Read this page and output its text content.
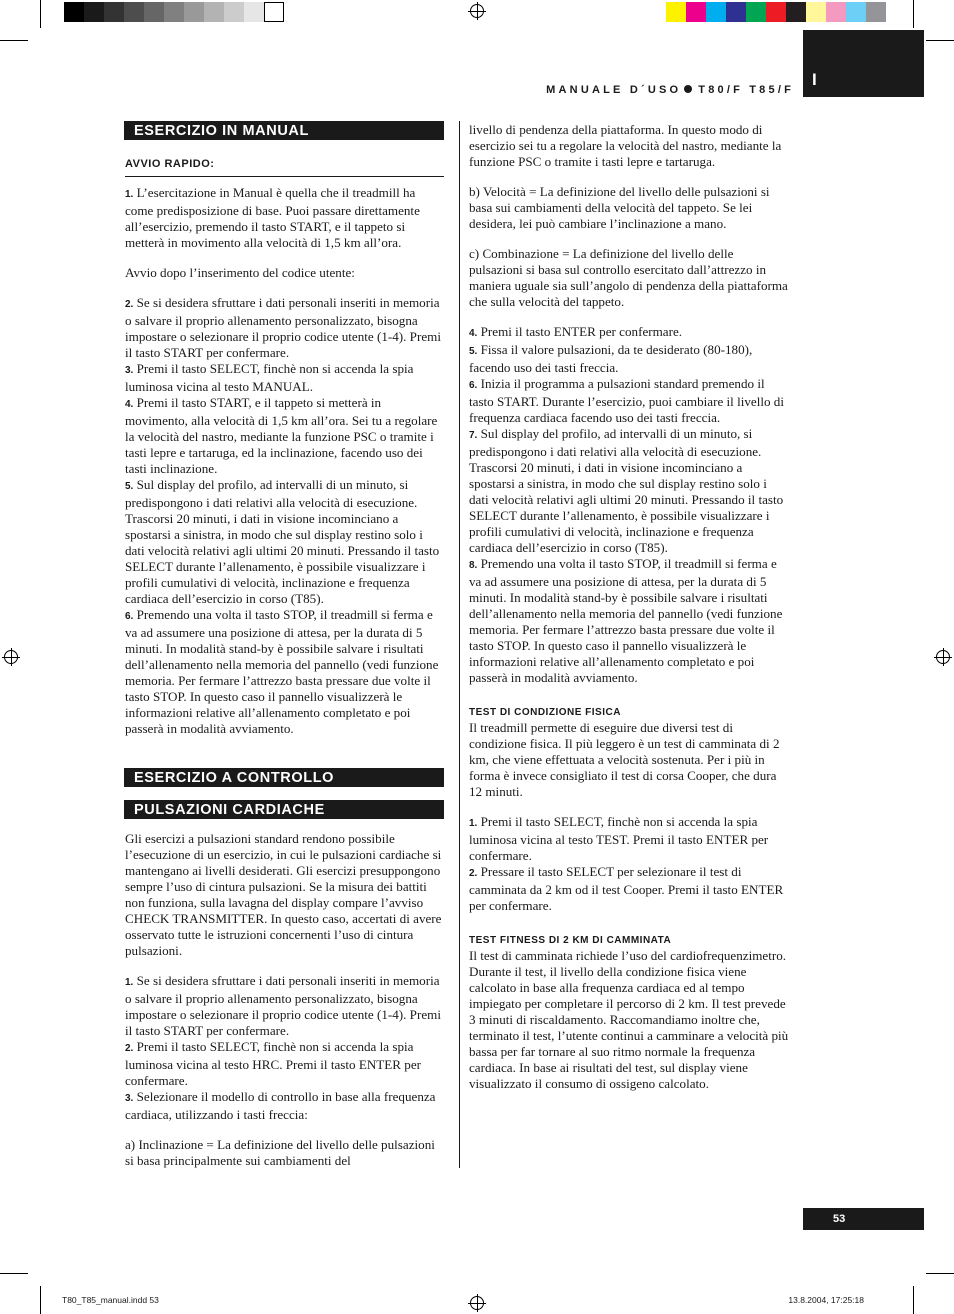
I
MANUALE D´USO T80/F T85/F
ESERCIZIO IN MANUAL
AVVIO RAPIDO:

1. L’esercitazione in Manual è quella che il treadmill ha come predisposizione di base. Puoi passare direttamente all’esercizio, premendo il tasto START, e il tappeto si metterà in movimento alla velocità di 1,5 km all’ora.

Avvio dopo l’inserimento del codice utente:

2. Se si desidera sfruttare i dati personali inseriti in memoria o salvare il proprio allenamento personalizzato, bisogna impostare o selezionare il proprio codice utente (1-4). Premi il tasto START per confermare.

3. Premi il tasto SELECT, finchè non si accenda la spia luminosa vicina al testo MANUAL.

4. Premi il tasto START, e il tappeto si metterà in movimento, alla velocità di 1,5 km all’ora. Sei tu a regolare la velocità del nastro, mediante la funzione PSC o tramite i tasti lepre e tartaruga, ed la inclinazione, facendo uso dei tasti inclinazione.

5. Sul display del profilo, ad intervalli di un minuto, si predispongono i dati relativi alla velocità di esecuzione. Trascorsi 20 minuti, i dati in visione incominciano a spostarsi a sinistra, in modo che sul display restino solo i dati velocità relativi agli ultimi 20 minuti. Pressando il tasto SELECT durante l’allenamento, è possibile visualizzare i profili cumulativi di velocità, inclinazione e frequenza cardiaca dell’esercizio in corso (T85).

6. Premendo una volta il tasto STOP, il treadmill si ferma e va ad assumere una posizione di attesa, per la durata di 5 minuti. In modalità stand-by è possibile salvare i risultati dell’allenamento nella memoria del pannello (vedi funzione memoria. Per fermare l’attrezzo basta pressare due volte il tasto STOP. In questo caso il pannello visualizzerà le informazioni relative all’allenamento completato e poi passerà in modalità avviamento.

ESERCIZIO A CONTROLLO
PULSAZIONI CARDIACHE

Gli esercizi a pulsazioni standard rendono possibile l’esecuzione di un esercizio, in cui le pulsazioni cardiache si mantengano ai livelli desiderati. Gli esercizi presuppongono sempre l’uso di cintura pulsazioni. Se la misura dei battiti non funziona, sulla lavagna del display compare l’avviso CHECK TRANSMITTER. In questo caso, accertati di avere osservato tutte le istruzioni concernenti l’uso di cintura pulsazioni.

1. Se si desidera sfruttare i dati personali inseriti in memoria o salvare il proprio allenamento personalizzato, bisogna impostare o selezionare il proprio codice utente (1-4). Premi il tasto START per confermare.

2. Premi il tasto SELECT, finchè non si accenda la spia luminosa vicina al testo HRC. Premi il tasto ENTER per confermare.

3. Selezionare il modello di controllo in base alla frequenza cardiaca, utilizzando i tasti freccia:

a) Inclinazione = La definizione del livello delle pulsazioni si basa principalmente sui cambiamenti del

livello di pendenza della piattaforma. In questo modo di esercizio sei tu a regolare la velocità del nastro, mediante la funzione PSC o tramite i tasti lepre e tartaruga.

b) Velocità = La definizione del livello delle pulsazioni si basa sui cambiamenti della velocità del tappeto. Se lei desidera, lei può cambiare l’inclinazione a mano.

c) Combinazione = La definizione del livello delle pulsazioni si basa sul controllo esercitato dall’attrezzo in maniera uguale sia sull’angolo di pendenza della piattaforma che sulla velocità del tappeto.

4. Premi il tasto ENTER per confermare.

5. Fissa il valore pulsazioni, da te desiderato (80-180), facendo uso dei tasti freccia.

6. Inizia il programma a pulsazioni standard premendo il tasto START. Durante l’esercizio, puoi cambiare il livello di frequenza cardiaca facendo uso dei tasti freccia.

7. Sul display del profilo, ad intervalli di un minuto, si predispongono i dati relativi alla velocità di esecuzione. Trascorsi 20 minuti, i dati in visione incominciano a spostarsi a sinistra, in modo che sul display restino solo i dati velocità relativi agli ultimi 20 minuti. Pressando il tasto SELECT durante l’allenamento, è possibile visualizzare i profili cumulativi di velocità, inclinazione e frequenza cardiaca dell’esercizio in corso (T85).

8. Premendo una volta il tasto STOP, il treadmill si ferma e va ad assumere una posizione di attesa, per la durata di 5 minuti. In modalità stand-by è possibile salvare i risultati dell’allenamento nella memoria del pannello (vedi funzione memoria. Per fermare l’attrezzo basta pressare due volte il tasto STOP. In questo caso il pannello visualizzerà le informazioni relative all’allenamento completato e poi passerà in modalità avviamento.

TEST DI CONDIZIONE FISICA

Il treadmill permette di eseguire due diversi test di condizione fisica. Il più leggero è un test di camminata di 2 km, che viene effettuata a velocità sostenuta. Per i più in forma è invece consigliato il test di corsa Cooper, che dura 12 minuti.

1. Premi il tasto SELECT, finchè non si accenda la spia luminosa vicina al testo TEST. Premi il tasto ENTER per confermare.

2. Pressare il tasto SELECT per selezionare il test di camminata da 2 km od il test Cooper. Premi il tasto ENTER per confermare.

TEST FITNESS DI 2 KM DI CAMMINATA

Il test di camminata richiede l’uso del cardiofrequenzimetro. Durante il test, il livello della condizione fisica viene calcolato in base alla frequenza cardiaca ed al tempo impiegato per completare il percorso di 2 km. Il test prevede 3 minuti di riscaldamento. Raccomandiamo inoltre che, terminato il test, l’utente continui a camminare a velocità più bassa per far tornare al suo ritmo normale la frequenza cardiaca. In base ai risultati del test, sul display viene visualizzato il consumo di ossigeno calcolato.

53
T80_T85_manual.indd 53	13.8.2004, 17:25:18
